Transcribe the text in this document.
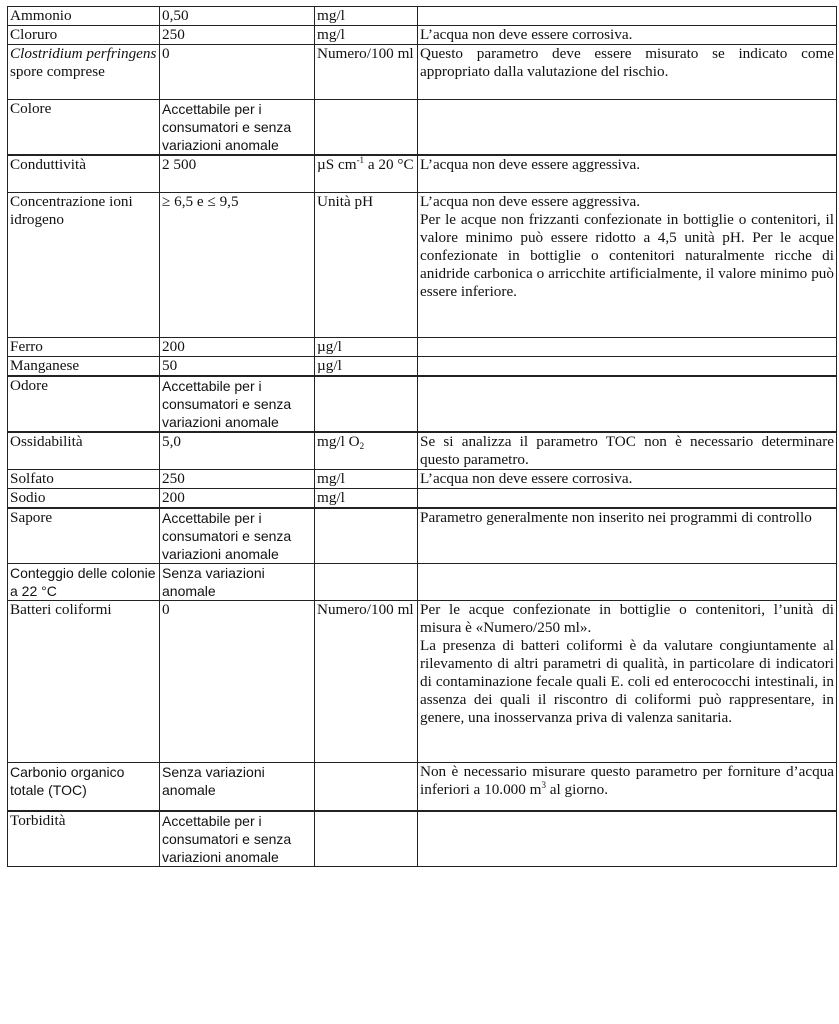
Ammonio	0,50	mg/l	
Cloruro	250	mg/l	L’acqua non deve essere corrosiva.
Clostridium perfringens spore comprese	0	Numero/100 ml	Questo parametro deve essere misurato se indicato come appropriato dalla valutazione del rischio.
Colore	Accettabile per i consumatori e senza variazioni anomale		
Conduttività	2 500	µS $cm^{-1}$ a 20 °C	L’acqua non deve essere aggressiva.
Concentrazione ioni idrogeno	≥ 6,5 e ≤ 9,5	Unità pH	L’acqua non deve essere aggressiva.
Per le acque non frizzanti confezionate in bottiglie o contenitori, il valore minimo può essere ridotto a 4,5 unità pH. Per le acque confezionate in bottiglie o contenitori naturalmente ricche di anidride carbonica o arricchite artificialmente, il valore minimo può essere inferiore.

Ferro	200	µg/l	
Manganese	50	µg/l	
Odore	Accettabile per i consumatori e senza variazioni anomale		
Ossidabilità	5,0	mg/l $O_2$	Se si analizza il parametro TOC non è necessario determinare questo parametro.
Solfato	250	mg/l	L’acqua non deve essere corrosiva.
Sodio	200	mg/l	
Sapore	Accettabile per i consumatori e senza variazioni anomale		Parametro generalmente non inserito nei programmi di controllo
Conteggio delle colonie a 22 °C	Senza variazioni anomale		
Batteri coliformi	0	Numero/100 ml	Per le acque confezionate in bottiglie o contenitori, l’unità di misura è «Numero/250 ml».
La presenza di batteri coliformi è da valutare congiuntamente al rilevamento di altri parametri di qualità, in particolare di indicatori di contaminazione fecale quali E. coli ed enterococchi intestinali, in assenza dei quali il riscontro di coliformi può rappresentare, in genere, una inosservanza priva di valenza sanitaria.

Carbonio organico totale (TOC)	Senza variazioni anomale		Non è necessario misurare questo parametro per forniture d’acqua inferiori a 10.000 $m^3$ al giorno.
Torbidità	Accettabile per i consumatori e senza variazioni anomale		
